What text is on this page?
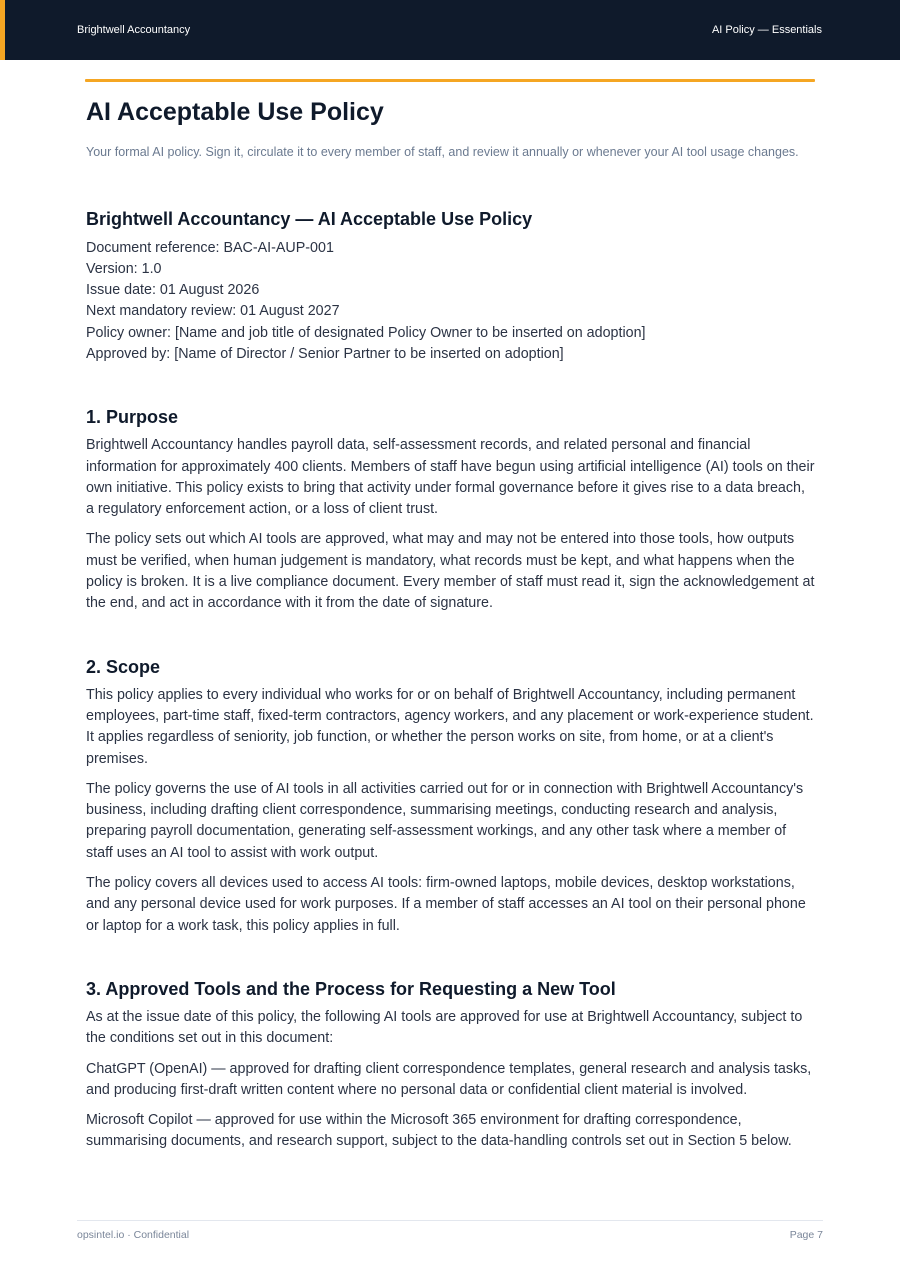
Brightwell Accountancy	AI Policy — Essentials
AI Acceptable Use Policy

Your formal AI policy. Sign it, circulate it to every member of staff, and review it annually or whenever your AI tool usage changes.

Brightwell Accountancy — AI Acceptable Use Policy
Document reference: BAC-AI-AUP-001
Version: 1.0
Issue date: 01 August 2026
Next mandatory review: 01 August 2027
Policy owner: [Name and job title of designated Policy Owner to be inserted on adoption]
Approved by: [Name of Director / Senior Partner to be inserted on adoption]
1. Purpose

Brightwell Accountancy handles payroll data, self-assessment records, and related personal and financial information for approximately 400 clients. Members of staff have begun using artificial intelligence (AI) tools on their own initiative. This policy exists to bring that activity under formal governance before it gives rise to a data breach, a regulatory enforcement action, or a loss of client trust.

The policy sets out which AI tools are approved, what may and may not be entered into those tools, how outputs must be verified, when human judgement is mandatory, what records must be kept, and what happens when the policy is broken. It is a live compliance document. Every member of staff must read it, sign the acknowledgement at the end, and act in accordance with it from the date of signature.

2. Scope

This policy applies to every individual who works for or on behalf of Brightwell Accountancy, including permanent employees, part-time staff, fixed-term contractors, agency workers, and any placement or work-experience student. It applies regardless of seniority, job function, or whether the person works on site, from home, or at a client's premises.

The policy governs the use of AI tools in all activities carried out for or in connection with Brightwell Accountancy's business, including drafting client correspondence, summarising meetings, conducting research and analysis, preparing payroll documentation, generating self-assessment workings, and any other task where a member of staff uses an AI tool to assist with work output.

The policy covers all devices used to access AI tools: firm-owned laptops, mobile devices, desktop workstations, and any personal device used for work purposes. If a member of staff accesses an AI tool on their personal phone or laptop for a work task, this policy applies in full.

3. Approved Tools and the Process for Requesting a New Tool

As at the issue date of this policy, the following AI tools are approved for use at Brightwell Accountancy, subject to the conditions set out in this document:

ChatGPT (OpenAI) — approved for drafting client correspondence templates, general research and analysis tasks, and producing first-draft written content where no personal data or confidential client material is involved.

Microsoft Copilot — approved for use within the Microsoft 365 environment for drafting correspondence, summarising documents, and research support, subject to the data-handling controls set out in Section 5 below.

opsintel.io · Confidential	Page 7
